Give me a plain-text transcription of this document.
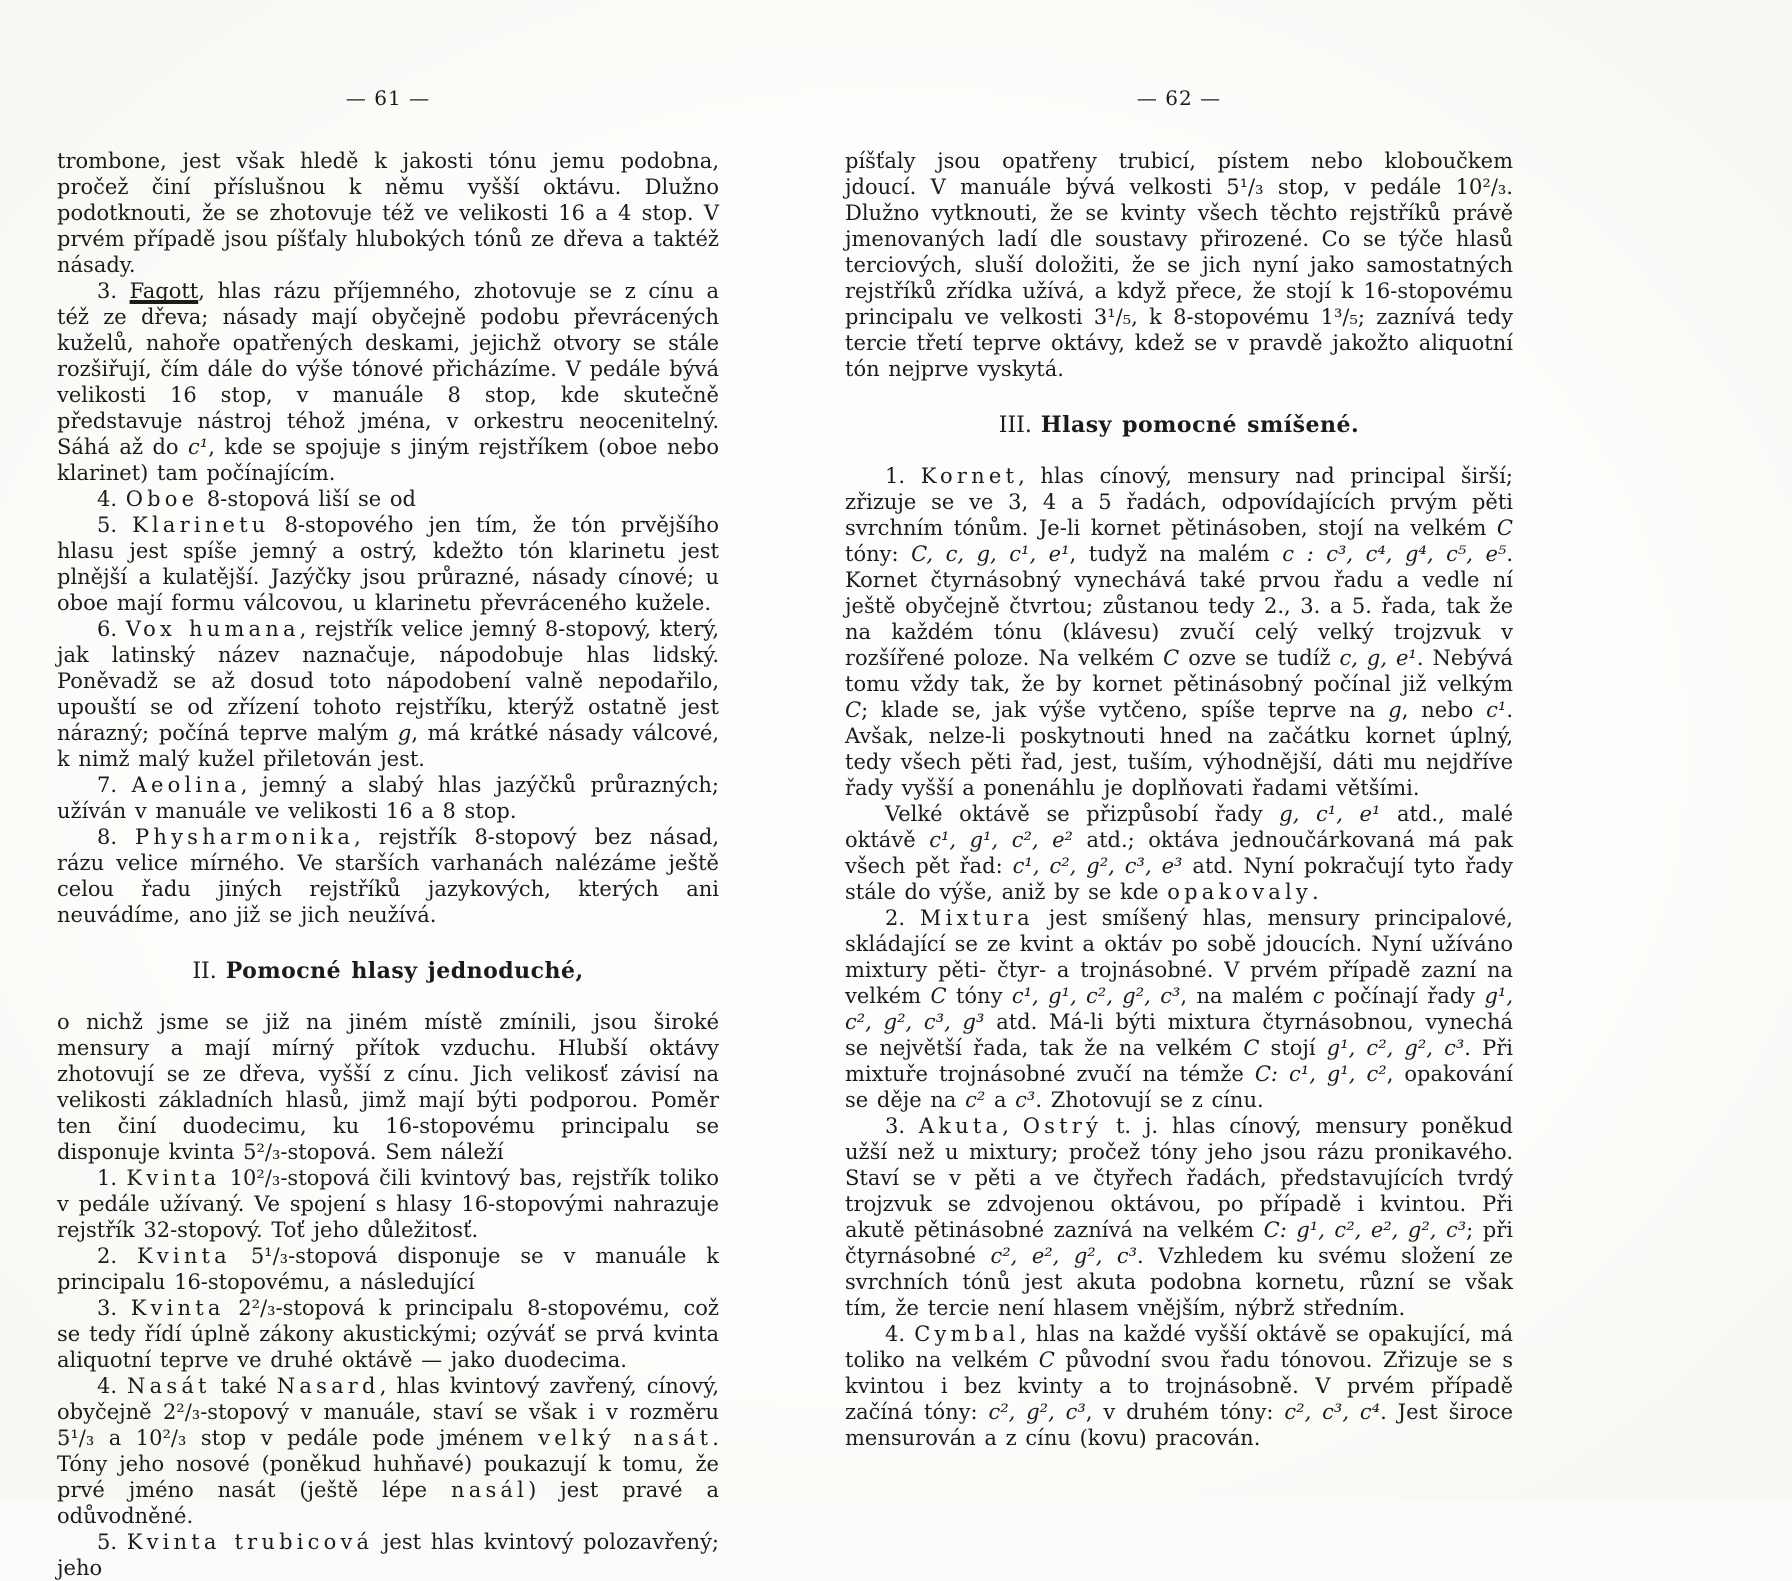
— 61 —
trombone, jest však hledě k jakosti tónu jemu podobna, pročež činí příslušnou k němu vyšší oktávu. Dlužno podotknouti, že se zhotovuje též ve velikosti 16 a 4 stop. V prvém případě jsou píšťaly hlubokých tónů ze dřeva a taktéž násady.
3. Fagott, hlas rázu příjemného, zhotovuje se z cínu a též ze dřeva; násady mají obyčejně podobu převrácených kuželů, nahoře opatřených deskami, jejichž otvory se stále rozšiřují, čím dále do výše tónové přicházíme. V pedále bývá velikosti 16 stop, v manuále 8 stop, kde skutečně představuje nástroj téhož jména, v orkestru neocenitelný. Sáhá až do c¹, kde se spojuje s jiným rejstříkem (oboe nebo klarinet) tam počínajícím.
4. Oboe 8-stopová liší se od
5. Klarinetu 8-stopového jen tím, že tón prvějšího hlasu jest spíše jemný a ostrý, kdežto tón klarinetu jest plnější a kulatější. Jazýčky jsou průrazné, násady cínové; u oboe mají formu válcovou, u klarinetu převráceného kužele.
6. Vox humana, rejstřík velice jemný 8-stopový, který, jak latinský název naznačuje, nápodobuje hlas lidský. Poněvadž se až dosud toto nápodobení valně nepodařilo, upouští se od zřízení tohoto rejstříku, kterýž ostatně jest nárazný; počíná teprve malým g, má krátké násady válcové, k nimž malý kužel přiletován jest.
7. Aeolina, jemný a slabý hlas jazýčků průrazných; užíván v manuále ve velikosti 16 a 8 stop.
8. Physharmonika, rejstřík 8-stopový bez násad, rázu velice mírného. Ve starších varhanách nalézáme ještě celou řadu jiných rejstříků jazykových, kterých ani neuvádíme, ano již se jich neužívá.
II. Pomocné hlasy jednoduché,
o nichž jsme se již na jiném místě zmínili, jsou široké mensury a mají mírný přítok vzduchu. Hlubší oktávy zhotovují se ze dřeva, vyšší z cínu. Jich velikosť závisí na velikosti základních hlasů, jimž mají býti podporou. Poměr ten činí duodecimu, ku 16-stopovému principalu se disponuje kvinta 5²/₃-stopová. Sem náleží
1. Kvinta 10²/₃-stopová čili kvintový bas, rejstřík toliko v pedále užívaný. Ve spojení s hlasy 16-stopovými nahrazuje rejstřík 32-stopový. Toť jeho důležitosť.
2. Kvinta 5¹/₃-stopová disponuje se v manuále k principalu 16-stopovému, a následující
3. Kvinta 2²/₃-stopová k principalu 8-stopovému, což se tedy řídí úplně zákony akustickými; ozýváť se prvá kvinta aliquotní teprve ve druhé oktávě — jako duodecima.
4. Nasát také Nasard, hlas kvintový zavřený, cínový, obyčejně 2²/₃-stopový v manuále, staví se však i v rozměru 5¹/₃ a 10²/₃ stop v pedále pode jménem velký nasát. Tóny jeho nosové (poněkud huhňavé) poukazují k tomu, že prvé jméno nasát (ještě lépe nasál) jest pravé a odůvodněné.
5. Kvinta trubicová jest hlas kvintový polozavřený; jeho
— 62 —
píšťaly jsou opatřeny trubicí, pístem nebo kloboučkem jdoucí. V manuále bývá velkosti 5¹/₃ stop, v pedále 10²/₃. Dlužno vytknouti, že se kvinty všech těchto rejstříků právě jmenovaných ladí dle soustavy přirozené. Co se týče hlasů terciových, sluší doložiti, že se jich nyní jako samostatných rejstříků zřídka užívá, a když přece, že stojí k 16-stopovému principalu ve velkosti 3¹/₅, k 8-stopovému 1³/₅; zaznívá tedy tercie třetí teprve oktávy, kdež se v pravdě jakožto aliquotní tón nejprve vyskytá.
III. Hlasy pomocné smíšené.
1. Kornet, hlas cínový, mensury nad principal širší; zřizuje se ve 3, 4 a 5 řadách, odpovídajících prvým pěti svrchním tónům. Je-li kornet pětinásoben, stojí na velkém C tóny: C, c, g, c¹, e¹, tudyž na malém c : c³, c⁴, g⁴, c⁵, e⁵. Kornet čtyrnásobný vynechává také prvou řadu a vedle ní ještě obyčejně čtvrtou; zůstanou tedy 2., 3. a 5. řada, tak že na každém tónu (klávesu) zvučí celý velký trojzvuk v rozšířené poloze. Na velkém C ozve se tudíž c, g, e¹. Nebývá tomu vždy tak, že by kornet pětinásobný počínal již velkým C; klade se, jak výše vytčeno, spíše teprve na g, nebo c¹. Avšak, nelze-li poskytnouti hned na začátku kornet úplný, tedy všech pěti řad, jest, tuším, výhodnější, dáti mu nejdříve řady vyšší a ponenáhlu je doplňovati řadami většími.
Velké oktávě se přizpůsobí řady g, c¹, e¹ atd., malé oktávě c¹, g¹, c², e² atd.; oktáva jednoučárkovaná má pak všech pět řad: c¹, c², g², c³, e³ atd. Nyní pokračují tyto řady stále do výše, aniž by se kde opakovaly.
2. Mixtura jest smíšený hlas, mensury principalové, skládající se ze kvint a oktáv po sobě jdoucích. Nyní užíváno mixtury pěti- čtyr- a trojnásobné. V prvém případě zazní na velkém C tóny c¹, g¹, c², g², c³, na malém c počínají řady g¹, c², g², c³, g³ atd. Má-li býti mixtura čtyrnásobnou, vynechá se největší řada, tak že na velkém C stojí g¹, c², g², c³. Při mixtuře trojnásobné zvučí na témže C: c¹, g¹, c², opakování se děje na c² a c³. Zhotovují se z cínu.
3. Akuta, Ostrý t. j. hlas cínový, mensury poněkud užší než u mixtury; pročež tóny jeho jsou rázu pronikavého. Staví se v pěti a ve čtyřech řadách, představujících tvrdý trojzvuk se zdvojenou oktávou, po případě i kvintou. Při akutě pětinásobné zaznívá na velkém C: g¹, c², e², g², c³; při čtyrnásobné c², e², g², c³. Vzhledem ku svému složení ze svrchních tónů jest akuta podobna kornetu, různí se však tím, že tercie není hlasem vnějším, nýbrž středním.
4. Cymbal, hlas na každé vyšší oktávě se opakující, má toliko na velkém C původní svou řadu tónovou. Zřizuje se s kvintou i bez kvinty a to trojnásobně. V prvém případě začíná tóny: c², g², c³, v druhém tóny: c², c³, c⁴. Jest široce mensurován a z cínu (kovu) pracován.
